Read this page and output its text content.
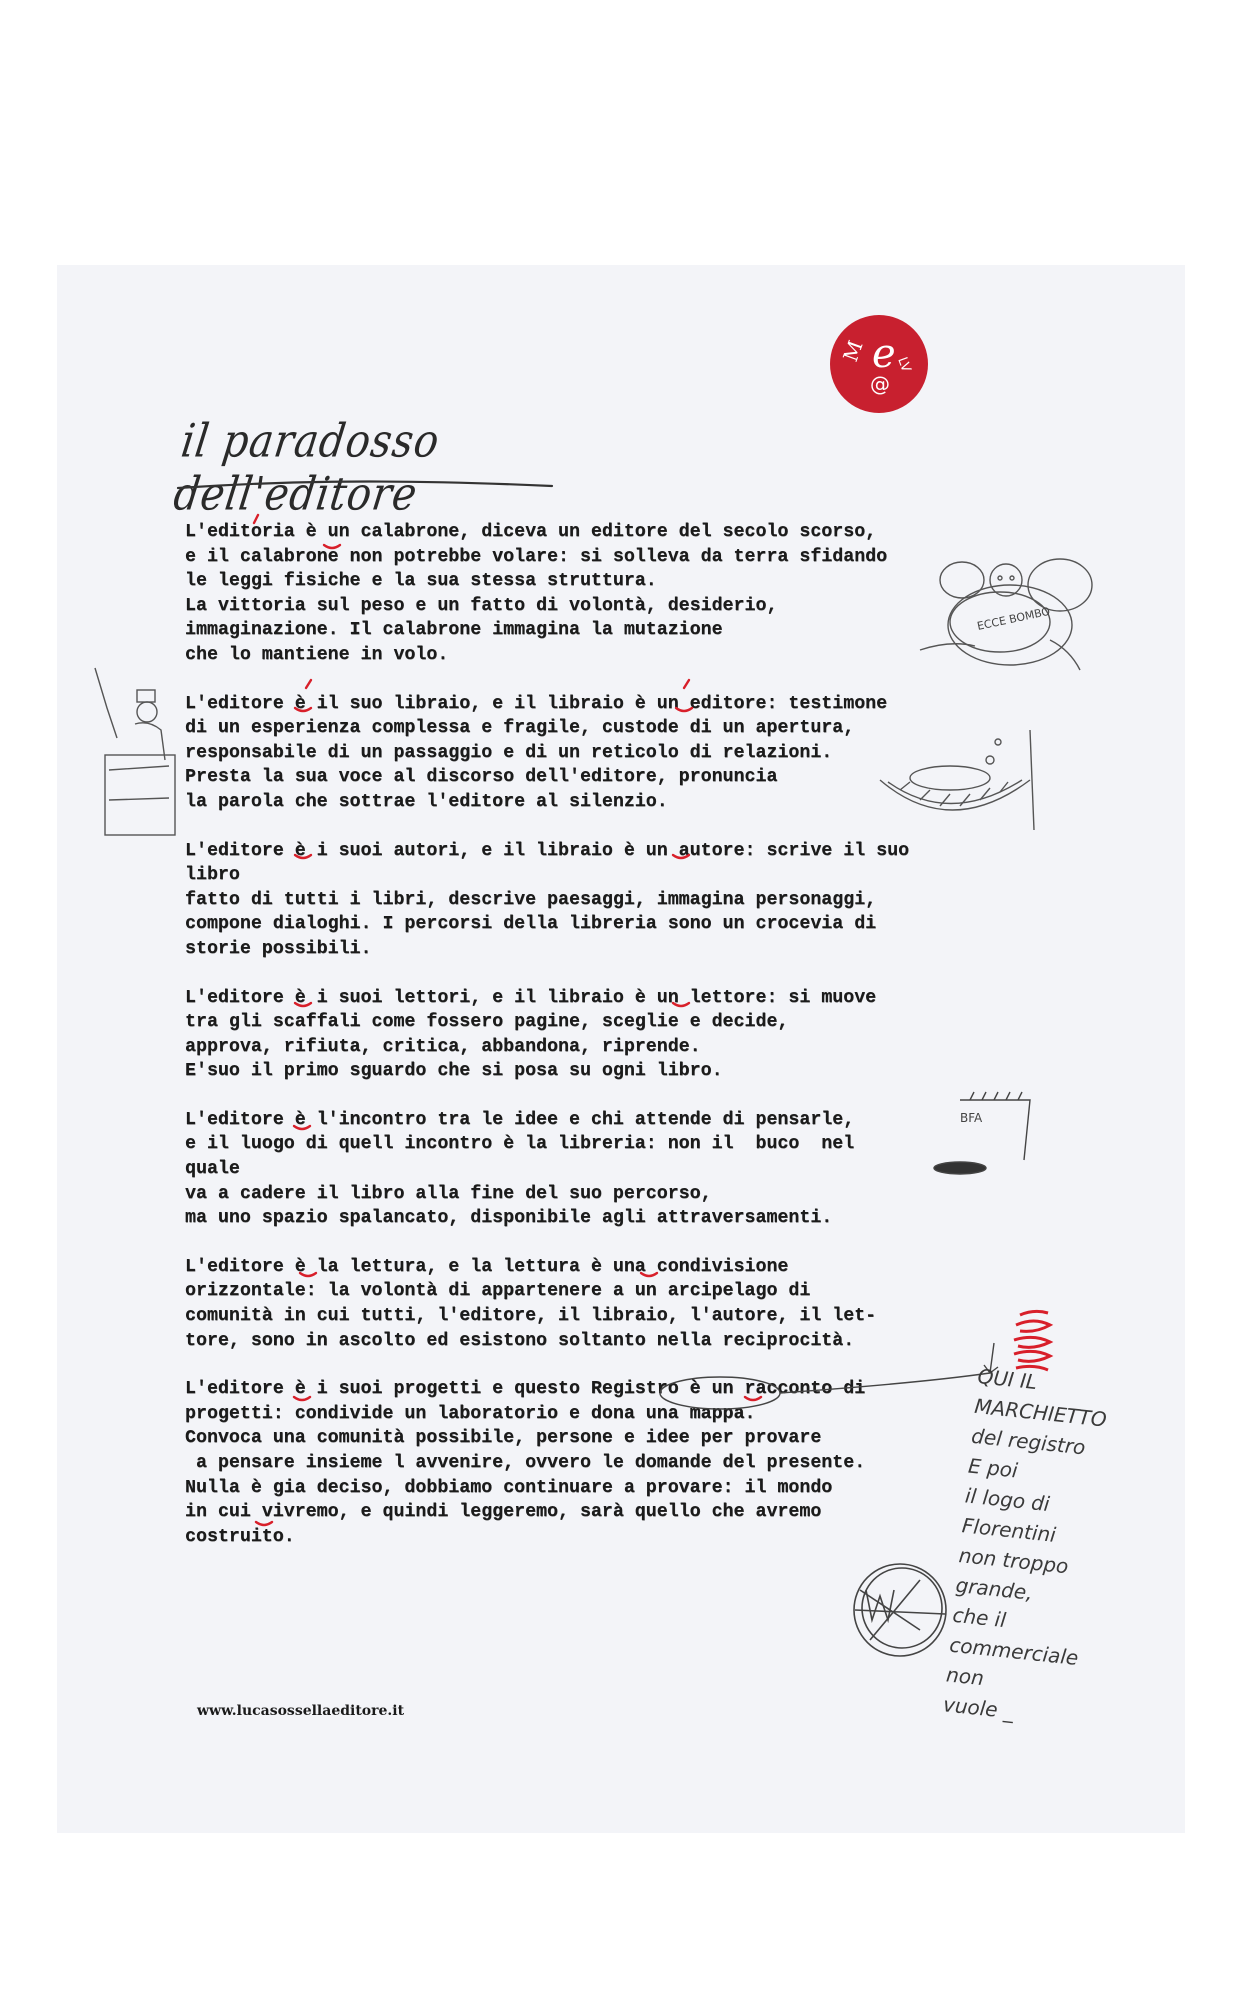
M e
@
LV
il paradosso dell'editore
L'editoria è un calabrone, diceva un editore del secolo scorso,
e il calabrone non potrebbe volare: si solleva da terra sfidando
le leggi fisiche e la sua stessa struttura.
La vittoria sul peso e un fatto di volontà, desiderio,
immaginazione. Il calabrone immagina la mutazione
che lo mantiene in volo.
L'editore è il suo libraio, e il libraio è un editore: testimone
di un esperienza complessa e fragile, custode di un apertura,
responsabile di un passaggio e di un reticolo di relazioni.
Presta la sua voce al discorso dell'editore, pronuncia
la parola che sottrae l'editore al silenzio.
L'editore è i suoi autori, e il libraio è un autore: scrive il suo
libro
fatto di tutti i libri, descrive paesaggi, immagina personaggi,
compone dialoghi. I percorsi della libreria sono un crocevia di
storie possibili.
L'editore è i suoi lettori, e il libraio è un lettore: si muove
tra gli scaffali come fossero pagine, sceglie e decide,
approva, rifiuta, critica, abbandona, riprende.
E'suo il primo sguardo che si posa su ogni libro.
L'editore è l'incontro tra le idee e chi attende di pensarle,
e il luogo di quell incontro è la libreria: non il  buco  nel
quale
va a cadere il libro alla fine del suo percorso,
ma uno spazio spalancato, disponibile agli attraversamenti.
L'editore è la lettura, e la lettura è una condivisione
orizzontale: la volontà di appartenere a un arcipelago di
comunità in cui tutti, l'editore, il libraio, l'autore, il let-
tore, sono in ascolto ed esistono soltanto nella reciprocità.
L'editore è i suoi progetti e questo Registro è un racconto di
progetti: condivide un laboratorio e dona una mappa.
Convoca una comunità possibile, persone e idee per provare
a pensare insieme l avvenire, ovvero le domande del presente.
Nulla è gia deciso, dobbiamo continuare a provare: il mondo
in cui vivremo, e quindi leggeremo, sarà quello che avremo
costruito.
ECCE BOMBO
BFA
QUI IL
MARCHIETTO
del registro
E poi
il logo di
Florentini
non troppo
grande,
che il
commerciale
non
vuole _
www.lucasossellaeditore.it
